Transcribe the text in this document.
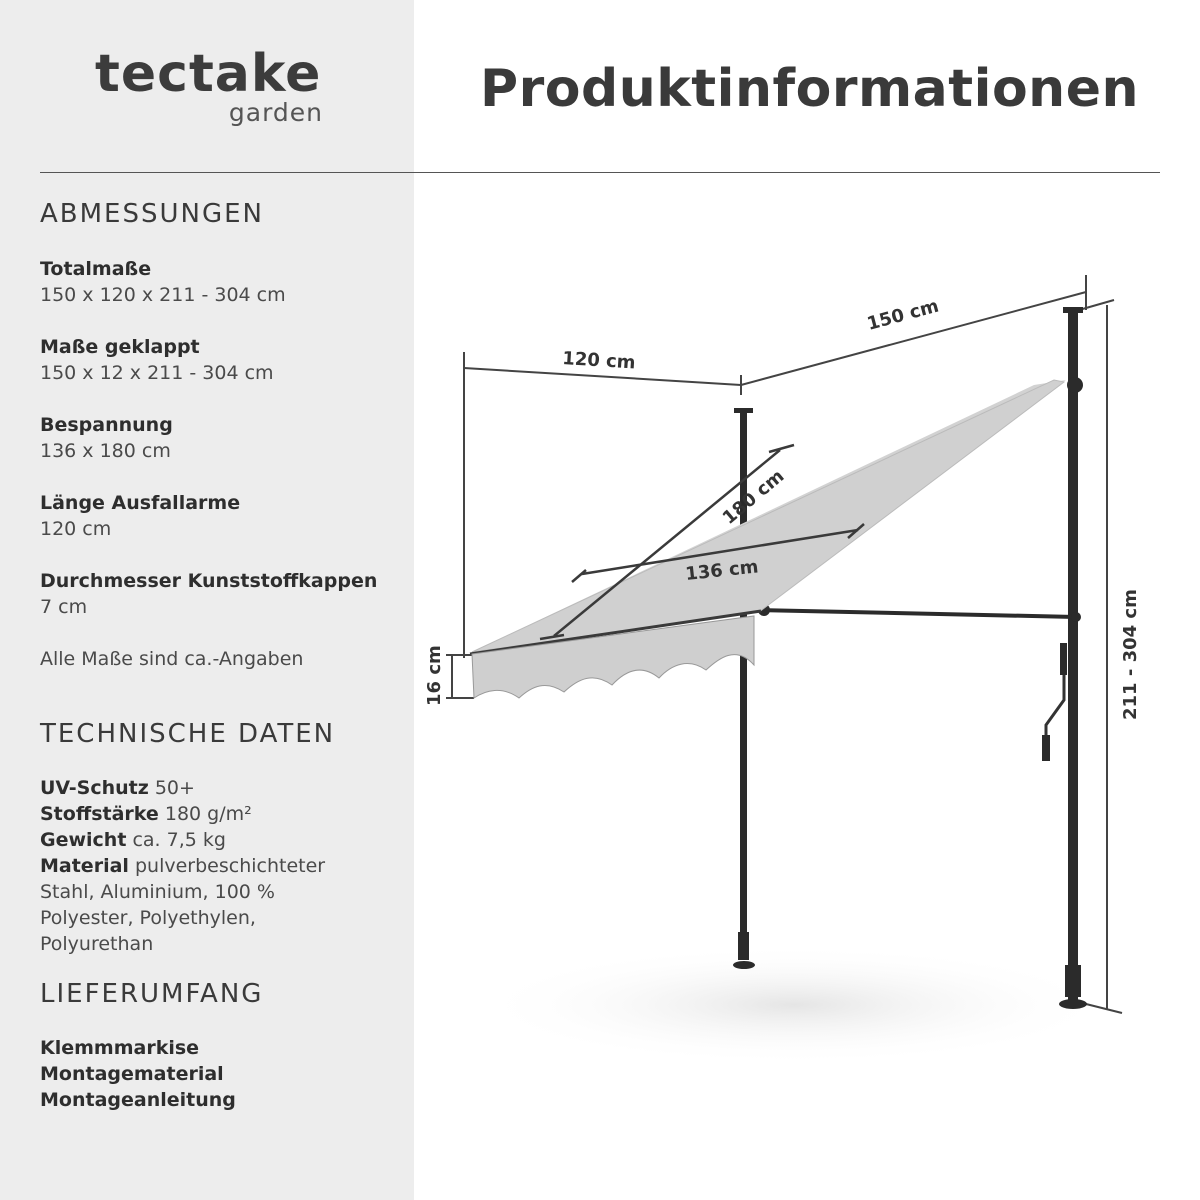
tectake
garden	Produktinformationen
ABMESSUNGEN
Totalmaße
150 x 120 x 211 - 304 cm
Maße geklappt
150 x 12 x 211 - 304 cm
Bespannung
136 x 180 cm
Länge Ausfallarme
120 cm
Durchmesser Kunststoffkappen
7 cm
Alle Maße sind ca.-Angaben
TECHNISCHE DATEN
UV-Schutz 50+
Stoffstärke 180 g/m²
Gewicht ca. 7,5 kg
Material pulverbeschichteter Stahl, Aluminium, 100 % Polyester, Polyethylen, Polyurethan
LIEFERUMFANG
Klemmmarkise
Montagematerial
Montageanleitung
150 cm
120 cm
211 - 304 cm
16 cm
180 cm
136 cm
